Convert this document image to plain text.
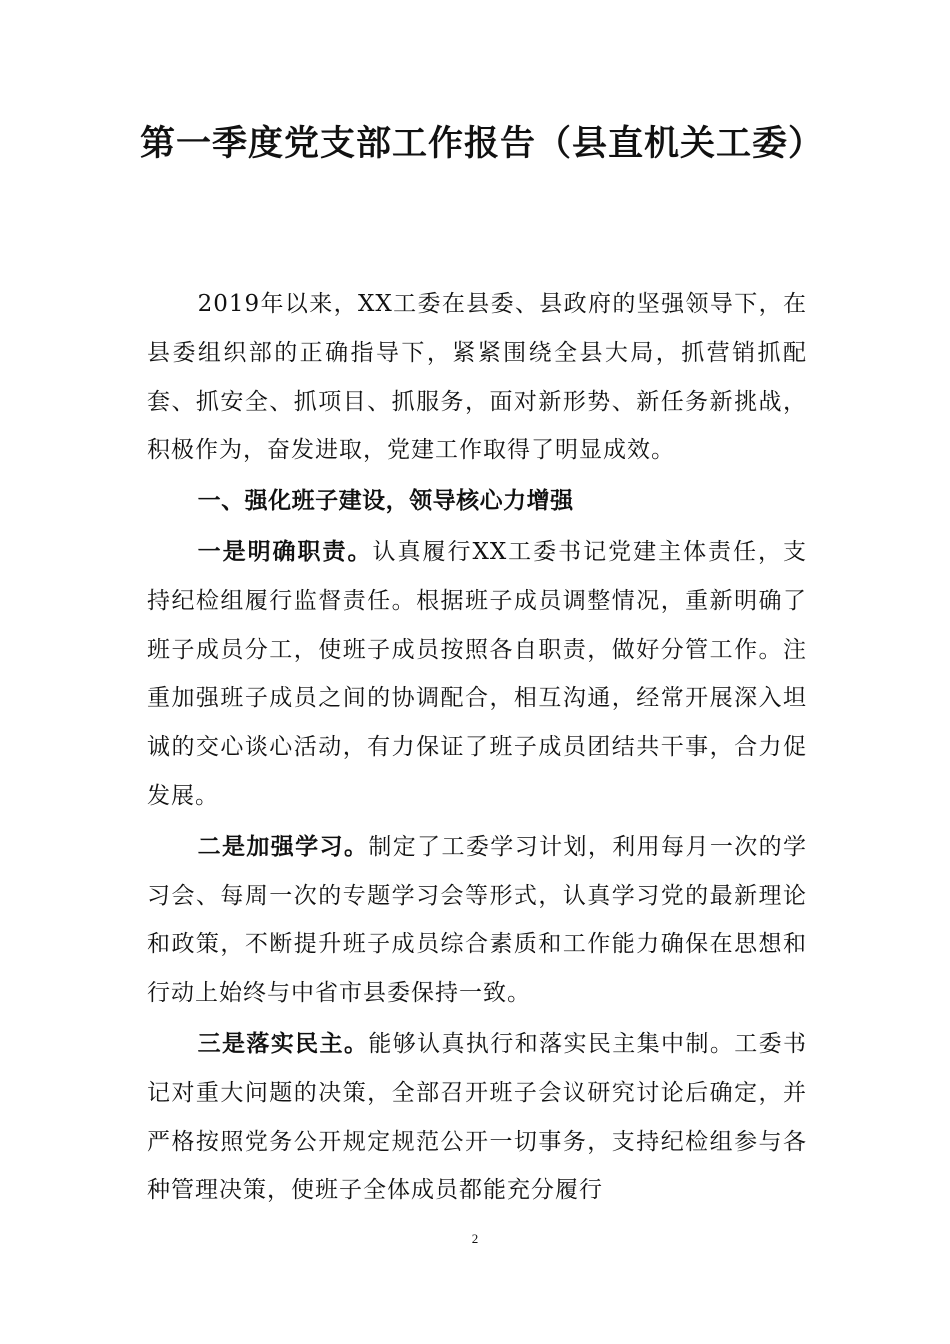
第一季度党支部工作报告（县直机关工委）

2019年以来，XX工委在县委、县政府的坚强领导下，在县委组织部的正确指导下，紧紧围绕全县大局，抓营销抓配套、抓安全、抓项目、抓服务，面对新形势、新任务新挑战，积极作为，奋发进取，党建工作取得了明显成效。

一、强化班子建设，领导核心力增强

一是明确职责。认真履行XX工委书记党建主体责任，支持纪检组履行监督责任。根据班子成员调整情况，重新明确了班子成员分工，使班子成员按照各自职责，做好分管工作。注重加强班子成员之间的协调配合，相互沟通，经常开展深入坦诚的交心谈心活动，有力保证了班子成员团结共干事，合力促发展。

二是加强学习。制定了工委学习计划，利用每月一次的学习会、每周一次的专题学习会等形式，认真学习党的最新理论和政策，不断提升班子成员综合素质和工作能力确保在思想和行动上始终与中省市县委保持一致。

三是落实民主。能够认真执行和落实民主集中制。工委书记对重大问题的决策，全部召开班子会议研究讨论后确定，并严格按照党务公开规定规范公开一切事务，支持纪检组参与各种管理决策，使班子全体成员都能充分履行

2
